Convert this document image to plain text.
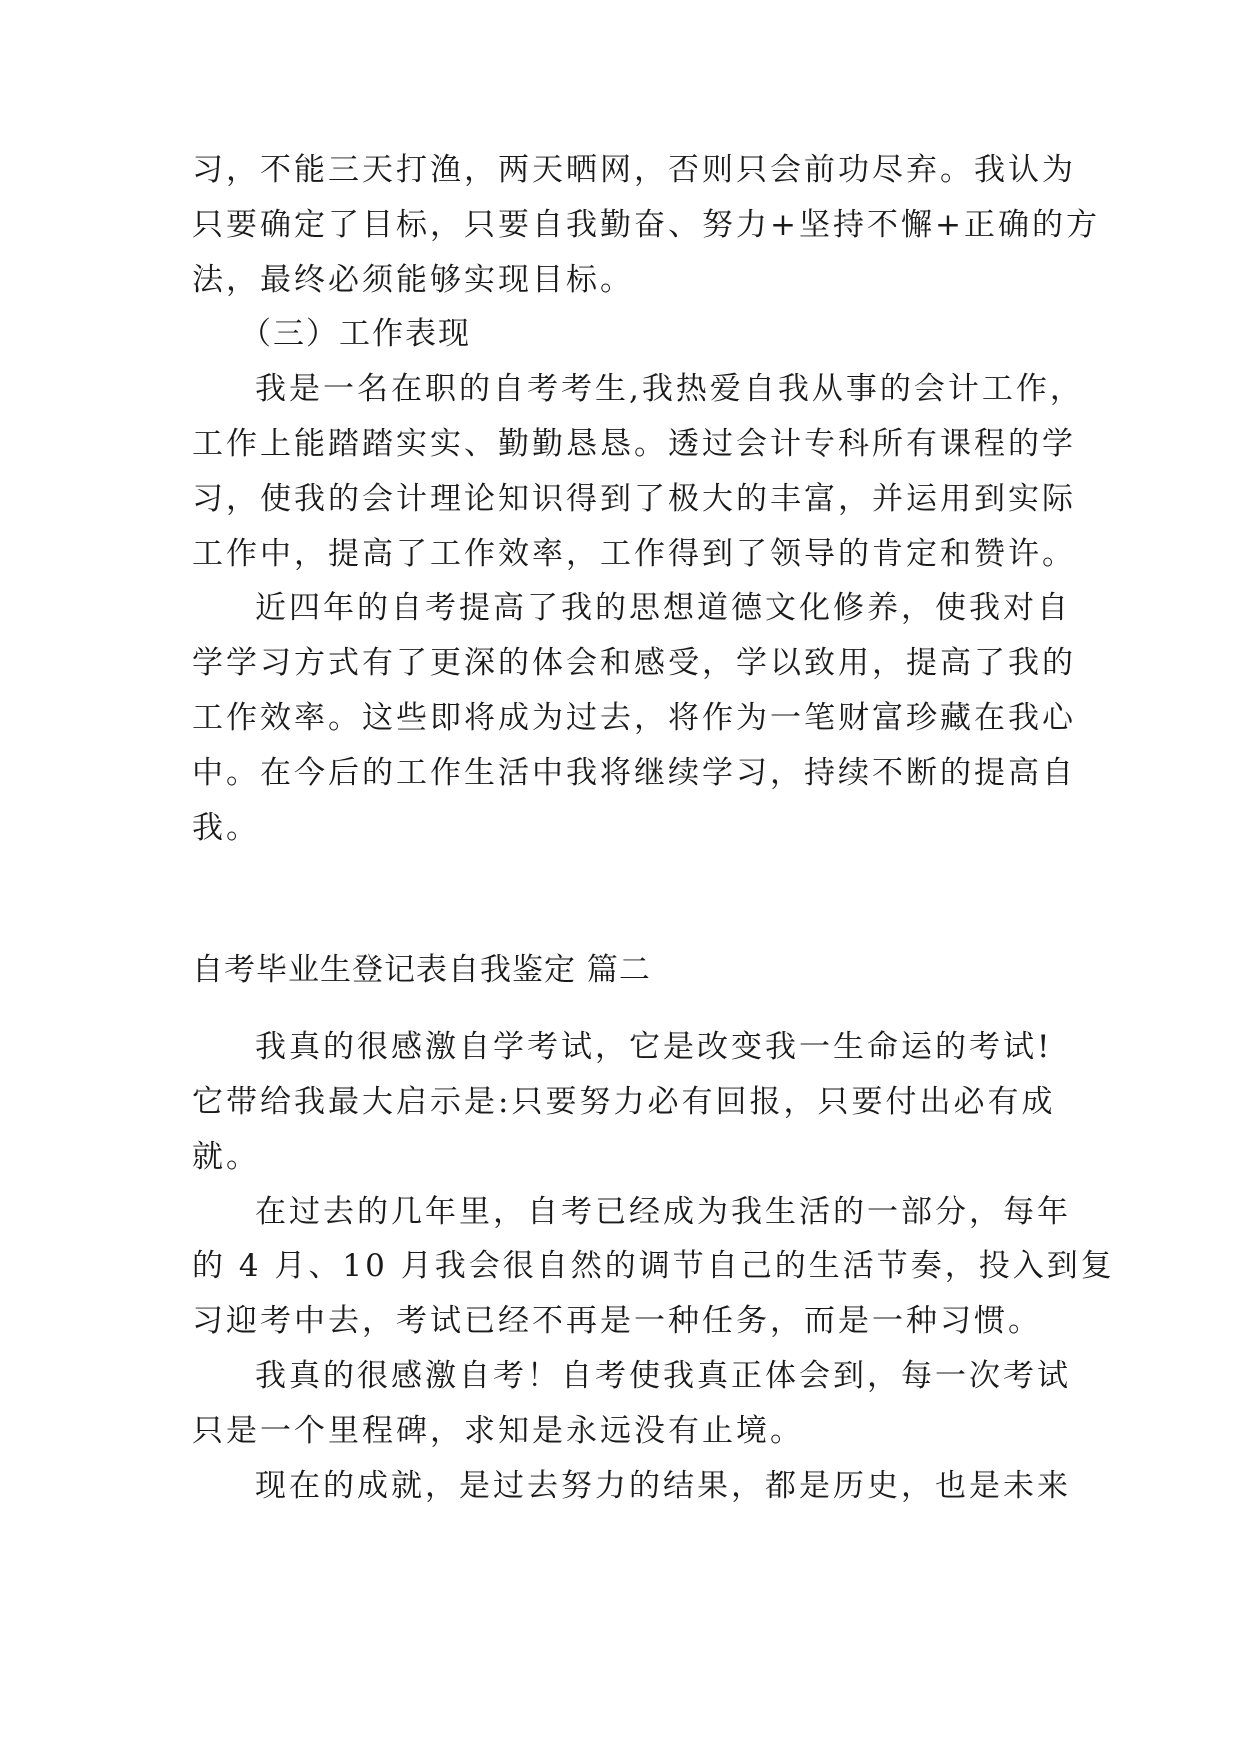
习，不能三天打渔，两天晒网，否则只会前功尽弃。我认为
只要确定了目标，只要自我勤奋、努力+坚持不懈+正确的方
法，最终必须能够实现目标。
（三）工作表现
我是一名在职的自考考生,我热爱自我从事的会计工作，
工作上能踏踏实实、勤勤恳恳。透过会计专科所有课程的学
习，使我的会计理论知识得到了极大的丰富，并运用到实际
工作中，提高了工作效率，工作得到了领导的肯定和赞许。
近四年的自考提高了我的思想道德文化修养，使我对自
学学习方式有了更深的体会和感受，学以致用，提高了我的
工作效率。这些即将成为过去，将作为一笔财富珍藏在我心
中。在今后的工作生活中我将继续学习，持续不断的提高自
我。
自考毕业生登记表自我鉴定 篇二
我真的很感激自学考试，它是改变我一生命运的考试!
它带给我最大启示是:只要努力必有回报，只要付出必有成
就。
在过去的几年里，自考已经成为我生活的一部分，每年
的 4 月、10 月我会很自然的调节自己的生活节奏，投入到复
习迎考中去，考试已经不再是一种任务，而是一种习惯。
我真的很感激自考！自考使我真正体会到，每一次考试
只是一个里程碑，求知是永远没有止境。
现在的成就，是过去努力的结果，都是历史，也是未来
